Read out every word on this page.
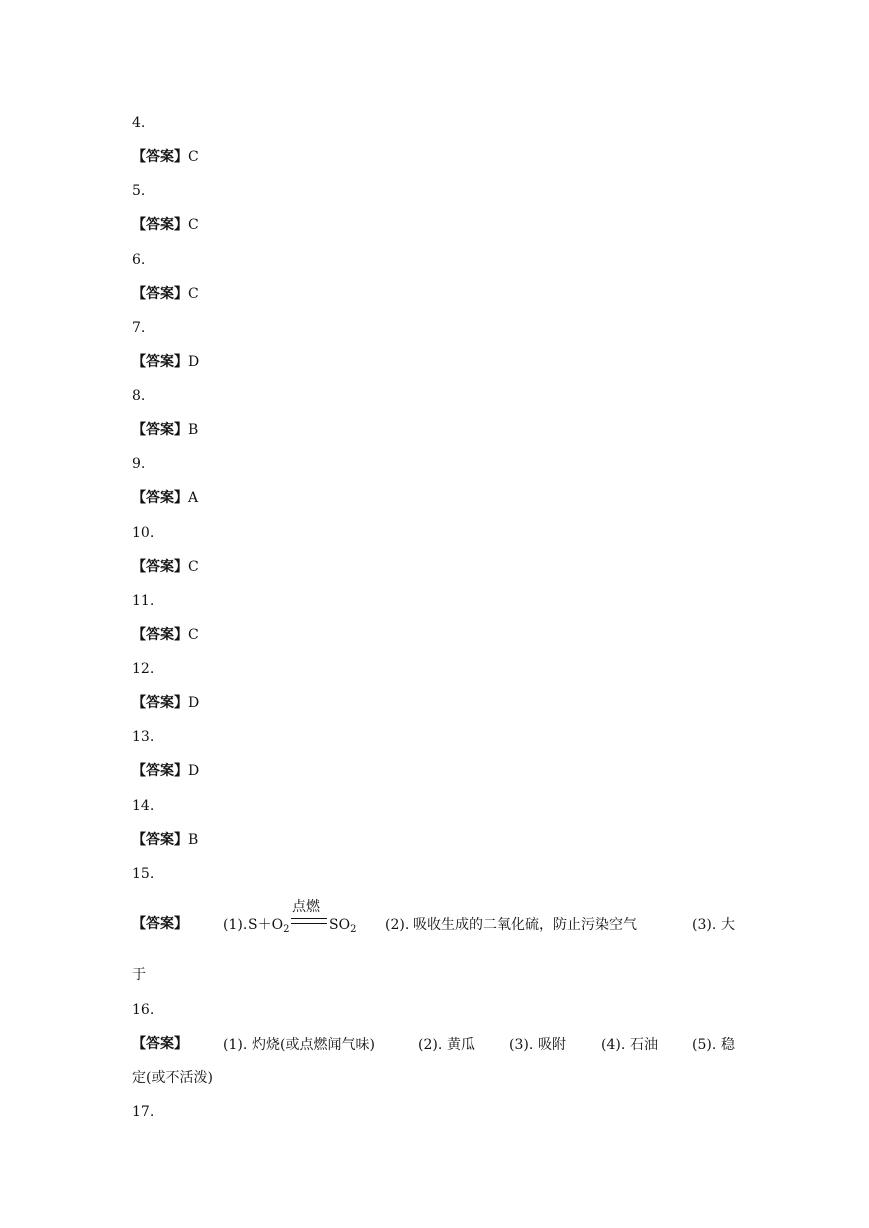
4.
【答案】C
5.
【答案】C
6.
【答案】C
7.
【答案】D
8.
【答案】B
9.
【答案】A
10.
【答案】C
11.
【答案】C
12.
【答案】D
13.
【答案】D
14.
【答案】B
15.
【答案】	(1). $S+O_2$
点燃
$SO_2$ (2). 吸收生成的二氧化硫，防止污染空气	(3). 大
于
16.
【答案】	(1). 灼烧(或点燃闻气味)	(2). 黄瓜 (3). 吸附	(4). 石油 (5). 稳
定(或不活泼)
17.
